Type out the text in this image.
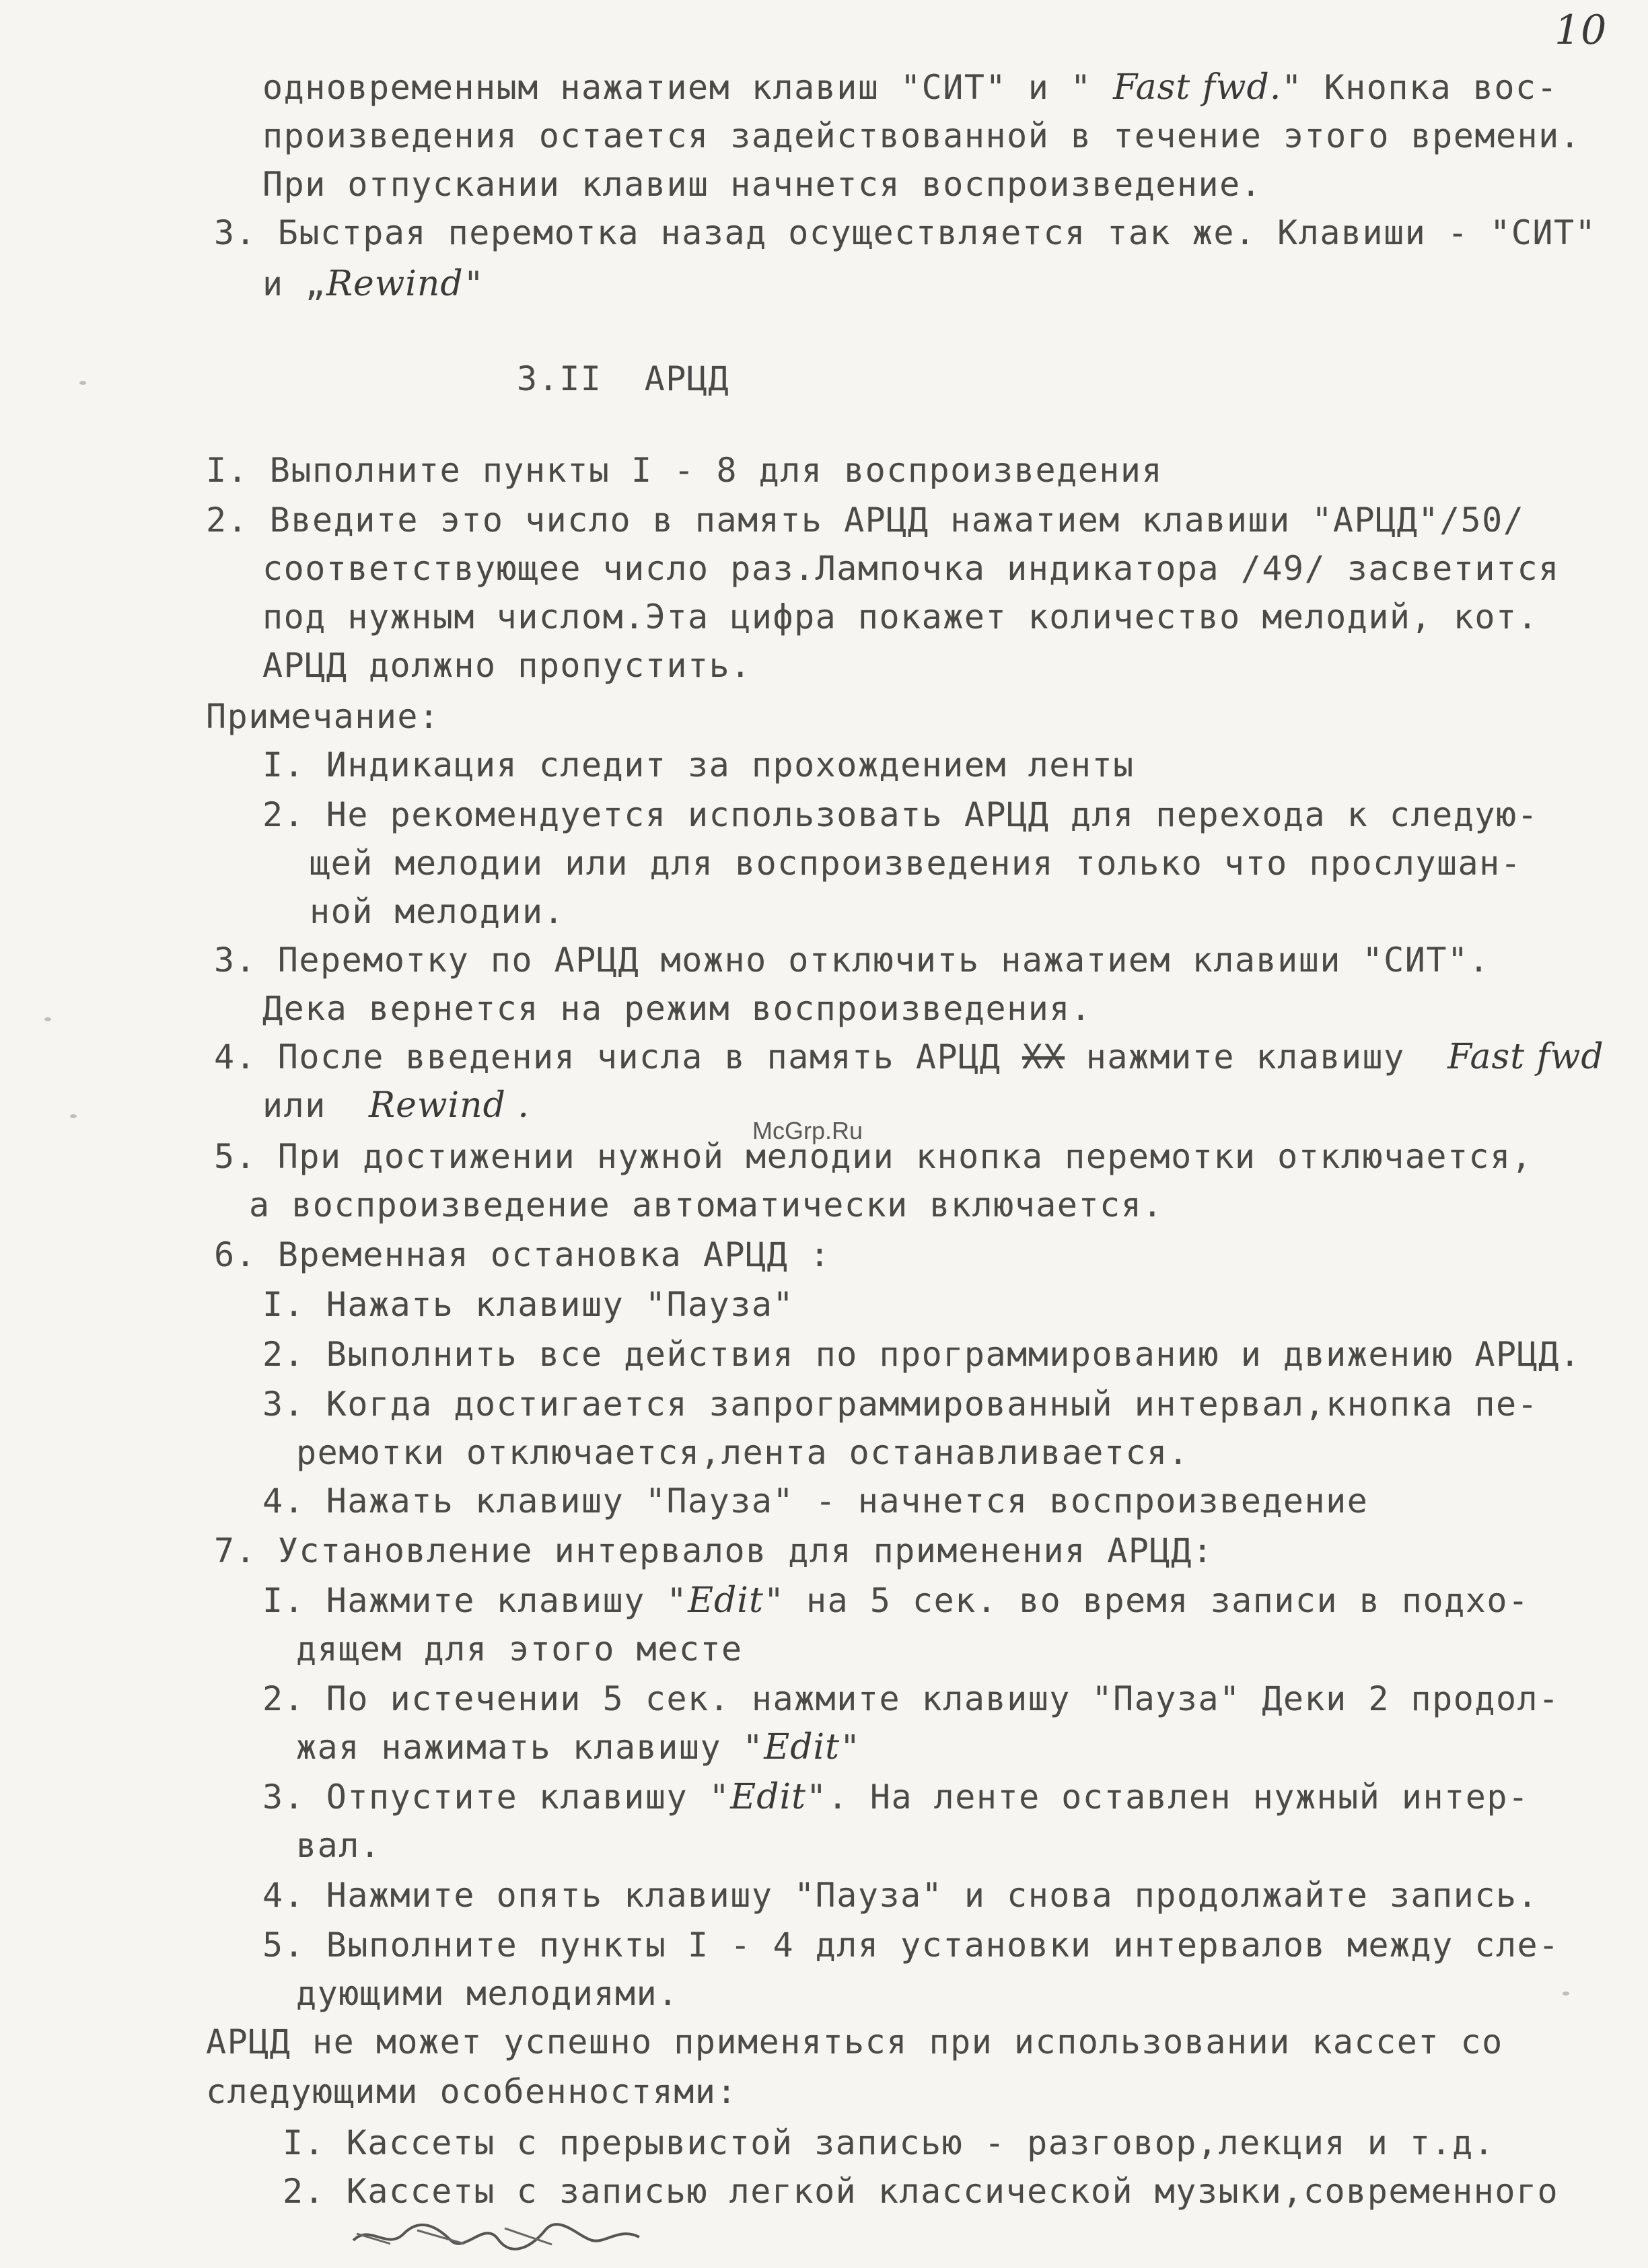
10
McGrp.Ru
одновременным нажатием клавиш "СИТ" и " Fast fwd." Кнопка вос-
произведения остается задействованной в течение этого времени.
При отпускании клавиш начнется воспроизведение.
3. Быстрая перемотка назад осуществляется так же. Клавиши - "СИТ"
и „Rewind"
3.II  АРЦД
I. Выполните пункты I - 8 для воспроизведения
2. Введите это число в память АРЦД нажатием клавиши "АРЦД"/50/
соответствующее число раз.Лампочка индикатора /49/ засветится
под нужным числом.Эта цифра покажет количество мелодий, кот.
АРЦД должно пропустить.
Примечание:
I. Индикация следит за прохождением ленты
2. Не рекомендуется использовать АРЦД для перехода к следую-
щей мелодии или для воспроизведения только что прослушан-
ной мелодии.
3. Перемотку по АРЦД можно отключить нажатием клавиши "СИТ".
Дека вернется на режим воспроизведения.
4. После введения числа в память АРЦД ХХ нажмите клавишу  Fast fwd
или  Rewind .
5. При достижении нужной мелодии кнопка перемотки отключается,
а воспроизведение автоматически включается.
6. Временная остановка АРЦД :
I. Нажать клавишу "Пауза"
2. Выполнить все действия по программированию и движению АРЦД.
3. Когда достигается запрограммированный интервал,кнопка пе-
ремотки отключается,лента останавливается.
4. Нажать клавишу "Пауза" - начнется воспроизведение
7. Установление интервалов для применения АРЦД:
I. Нажмите клавишу "Edit" на 5 сек. во время записи в подхо-
дящем для этого месте
2. По истечении 5 сек. нажмите клавишу "Пауза" Деки 2 продол-
жая нажимать клавишу "Edit"
3. Отпустите клавишу "Edit". На ленте оставлен нужный интер-
вал.
4. Нажмите опять клавишу "Пауза" и снова продолжайте запись.
5. Выполните пункты I - 4 для установки интервалов между сле-
дующими мелодиями.
АРЦД не может успешно применяться при использовании кассет со
следующими особенностями:
I. Кассеты с прерывистой записью - разговор,лекция и т.д.
2. Кассеты с записью легкой классической музыки,современного
